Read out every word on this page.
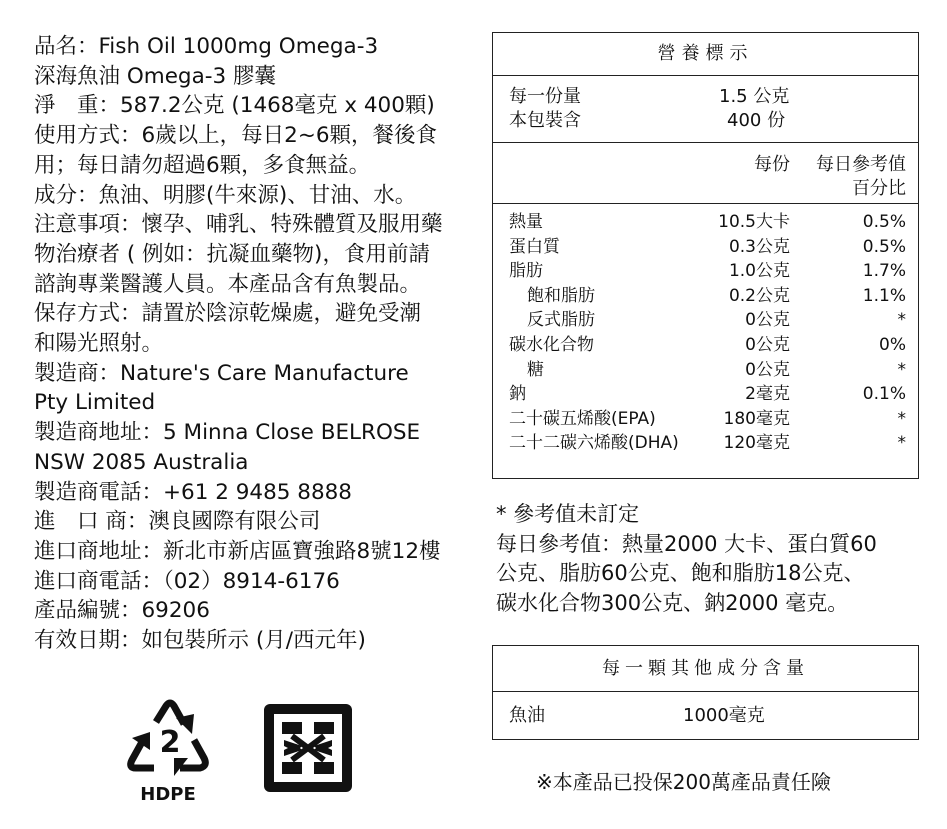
品名：Fish Oil 1000mg Omega-3
深海魚油 Omega-3 膠囊
淨　重：587.2公克 (1468毫克 x 400顆)
使用方式：6歲以上，每日2~6顆，餐後食
用；每日請勿超過6顆，多食無益。
成分：魚油、明膠(牛來源)、甘油、水。
注意事項：懷孕、哺乳、特殊體質及服用藥
物治療者 ( 例如：抗凝血藥物)，食用前請
諮詢專業醫護人員。本產品含有魚製品。
保存方式：請置於陰涼乾燥處，避免受潮
和陽光照射。
製造商：Nature's Care Manufacture
Pty Limited
製造商地址：5 Minna Close BELROSE
NSW 2085 Australia
製造商電話：+61 2 9485 8888
進　口 商：澳良國際有限公司
進口商地址：新北市新店區寶強路8號12樓
進口商電話：（02）8914-6176
產品編號：69206
有效日期：如包裝所示 (月/西元年)
營養標示
每一份量	1.5 公克
本包裝含	400 份
每份 每日參考值
百分比
熱量	10.5大卡	0.5%
蛋白質	0.3公克	0.5%
脂肪	1.0公克	1.7%
飽和脂肪	0.2公克	1.1%
反式脂肪	0公克	*
碳水化合物	0公克	0%
糖	0公克	*
鈉	2毫克	0.1%
二十碳五烯酸(EPA)	180毫克	*
二十二碳六烯酸(DHA)	120毫克	*
* 參考值未訂定
每日參考值：熱量2000 大卡、蛋白質60
公克、脂肪60公克、飽和脂肪18公克、
碳水化合物300公克、鈉2000 毫克。
每一顆其他成分含量
魚油	1000毫克
※本產品已投保200萬產品責任險
2
HDPE
